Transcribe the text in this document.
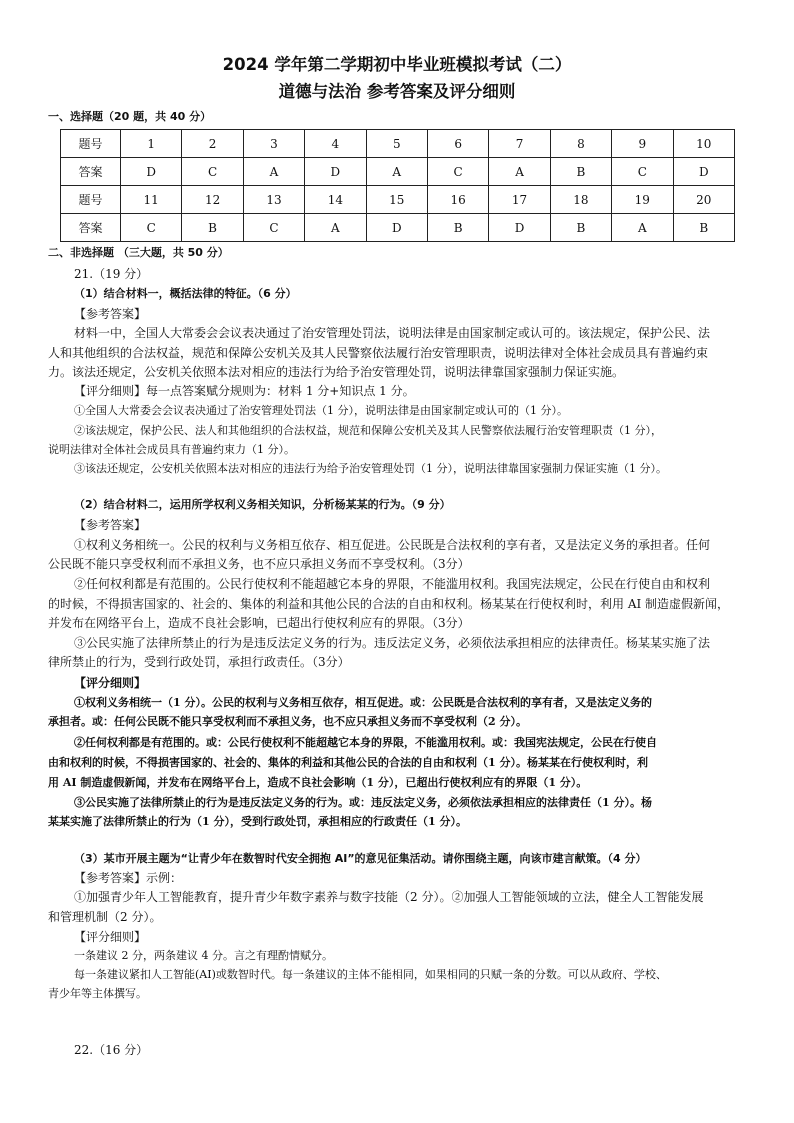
2024 学年第二学期初中毕业班模拟考试（二）
道德与法治 参考答案及评分细则
一、选择题（20 题，共 40 分）
题号	1	2	3	4	5	6	7	8	9	10
答案	D	C	A	D	A	C	A	B	C	D
题号	11	12	13	14	15	16	17	18	19	20
答案	C	B	C	A	D	B	D	B	A	B
二、非选择题 （三大题，共 50 分）
21.（19 分）
（1）结合材料一，概括法律的特征。（6 分）
【参考答案】
材料一中，全国人大常委会会议表决通过了治安管理处罚法，说明法律是由国家制定或认可的。该法规定，保护公民、法
人和其他组织的合法权益，规范和保障公安机关及其人民警察依法履行治安管理职责，说明法律对全体社会成员具有普遍约束
力。该法还规定，公安机关依照本法对相应的违法行为给予治安管理处罚，说明法律靠国家强制力保证实施。
【评分细则】每一点答案赋分规则为：材料 1 分+知识点 1 分。
①全国人大常委会会议表决通过了治安管理处罚法（1 分），说明法律是由国家制定或认可的（1 分）。
②该法规定，保护公民、法人和其他组织的合法权益，规范和保障公安机关及其人民警察依法履行治安管理职责（1 分），
说明法律对全体社会成员具有普遍约束力（1 分）。
③该法还规定，公安机关依照本法对相应的违法行为给予治安管理处罚（1 分），说明法律靠国家强制力保证实施（1 分）。
（2）结合材料二，运用所学权利义务相关知识，分析杨某某的行为。（9 分）
【参考答案】
①权利义务相统一。公民的权利与义务相互依存、相互促进。公民既是合法权利的享有者，又是法定义务的承担者。任何
公民既不能只享受权利而不承担义务，也不应只承担义务而不享受权利。（3分）
②任何权利都是有范围的。公民行使权利不能超越它本身的界限，不能滥用权利。我国宪法规定，公民在行使自由和权利
的时候，不得损害国家的、社会的、集体的利益和其他公民的合法的自由和权利。杨某某在行使权利时，利用 AI 制造虚假新闻，
并发布在网络平台上，造成不良社会影响，已超出行使权利应有的界限。（3分）
③公民实施了法律所禁止的行为是违反法定义务的行为。违反法定义务，必须依法承担相应的法律责任。杨某某实施了法
律所禁止的行为，受到行政处罚，承担行政责任。（3分）
【评分细则】
①权利义务相统一（1 分）。公民的权利与义务相互依存，相互促进。或：公民既是合法权利的享有者，又是法定义务的
承担者。或：任何公民既不能只享受权利而不承担义务，也不应只承担义务而不享受权利（2 分）。
②任何权利都是有范围的。或：公民行使权利不能超越它本身的界限，不能滥用权利。或：我国宪法规定，公民在行使自
由和权利的时候，不得损害国家的、社会的、集体的利益和其他公民的合法的自由和权利（1 分）。杨某某在行使权利时，利
用 AI 制造虚假新闻，并发布在网络平台上，造成不良社会影响（1 分），已超出行使权利应有的界限（1 分）。
③公民实施了法律所禁止的行为是违反法定义务的行为。或：违反法定义务，必须依法承担相应的法律责任（1 分）。杨
某某实施了法律所禁止的行为（1 分），受到行政处罚，承担相应的行政责任（1 分）。
（3）某市开展主题为“让青少年在数智时代安全拥抱 AI”的意见征集活动。请你围绕主题，向该市建言献策。（4 分）
【参考答案】示例：
①加强青少年人工智能教育，提升青少年数字素养与数字技能（2 分）。②加强人工智能领域的立法，健全人工智能发展
和管理机制（2 分）。
【评分细则】
一条建议 2 分，两条建议 4 分。言之有理酌情赋分。
每一条建议紧扣人工智能(AI)或数智时代。每一条建议的主体不能相同，如果相同的只赋一条的分数。可以从政府、学校、
青少年等主体撰写。
22.（16 分）
